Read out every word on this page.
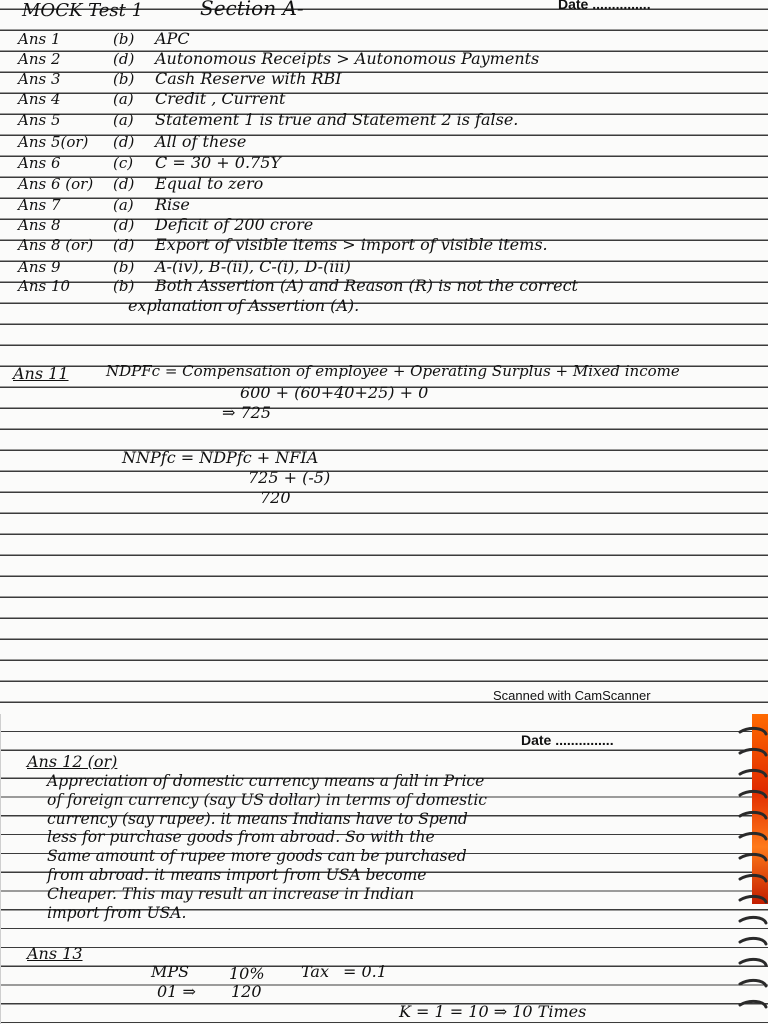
MOCK Test 1	Section A-	Date ...............
Ans 1	(b) APC
Ans 2	(d) Autonomous Receipts > Autonomous Payments
Ans 3	(b) Cash Reserve with RBI
Ans 4	(a) Credit , Current
Ans 5	(a) Statement 1 is true and Statement 2 is false.
Ans 5(or) (d) All of these
Ans 6	(c) C = 30 + 0.75Y
Ans 6 (or) (d) Equal to zero
Ans 7	(a) Rise
Ans 8	(d) Deficit of 200 crore
Ans 8 (or) (d) Export of visible items > import of visible items.
Ans 9	(b) A-(iv), B-(ii), C-(i), D-(iii)
Ans 10	(b) Both Assertion (A) and Reason (R) is not the correct
explanation of Assertion (A).
Ans 11 NDPFc = Compensation of employee + Operating Surplus + Mixed income
600 + (60+40+25) + 0
⇒ 725
NNPfc = NDPfc + NFIA
725 + (-5)
720
Scanned with CamScanner
Date ...............
Ans 12 (or)
Appreciation of domestic currency means a fall in Price
of foreign currency (say US dollar) in terms of domestic
currency (say rupee). it means Indians have to Spend
less for purchase goods from abroad. So with the
Same amount of rupee more goods can be purchased
from abroad. it means import from USA become
Cheaper. This may result an increase in Indian
import from USA.
Ans 13
MPS 10% Tax = 0.1
01 ⇒ 120
K = 1 = 10 ⇒ 10 Times
